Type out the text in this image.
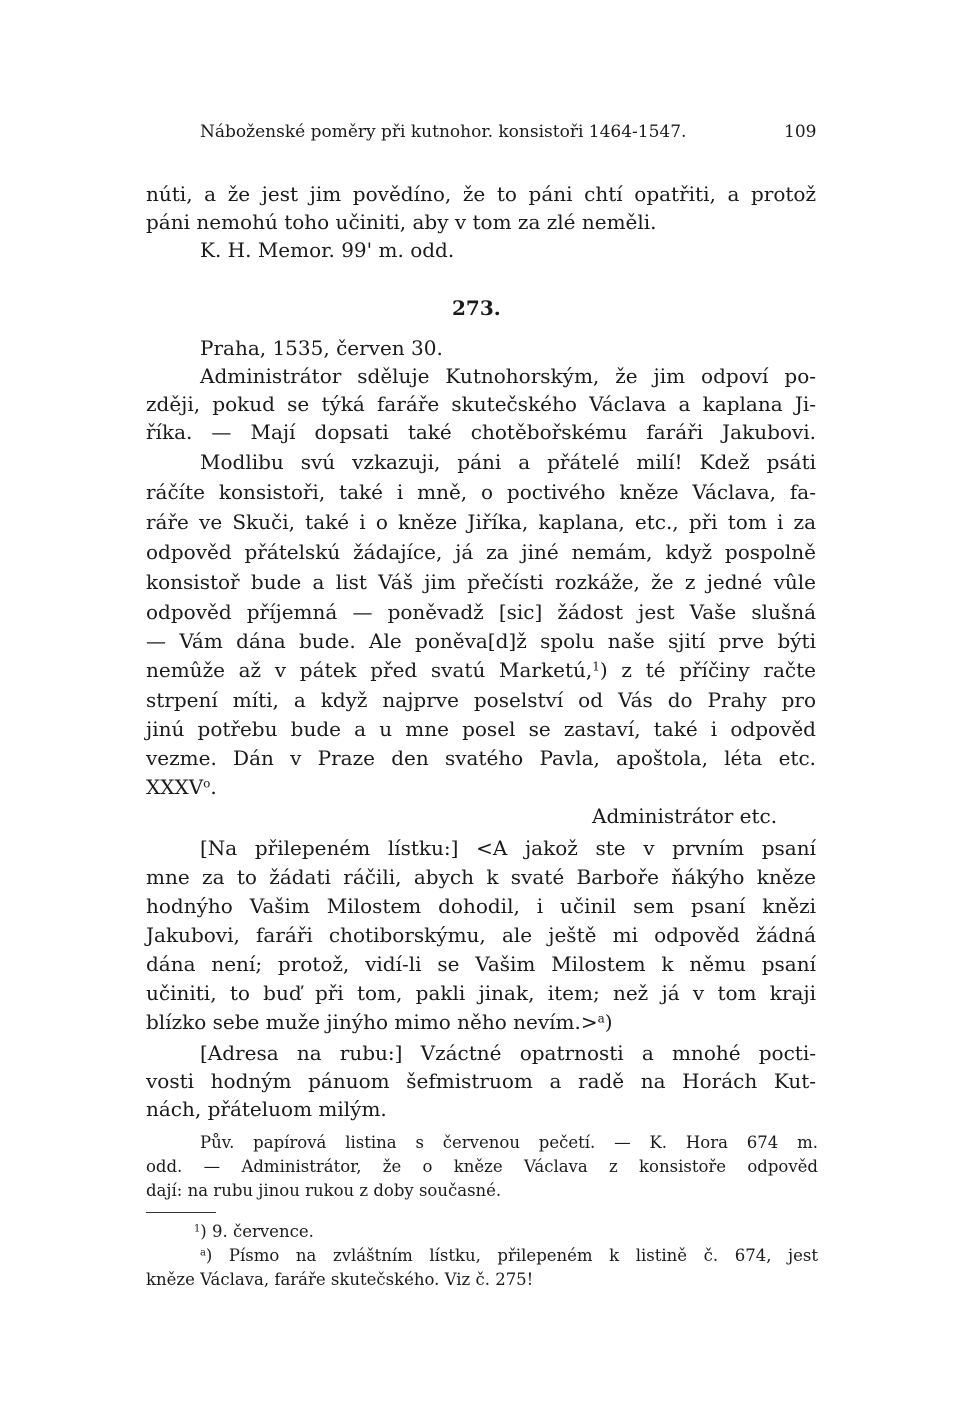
Náboženské poměry při kutnohor. konsistoři 1464-1547.	109
núti, a že jest jim povědíno, že to páni chtí opatřiti, a protož
páni nemohú toho učiniti, aby v tom za zlé neměli.
K. H. Memor. 99' m. odd.
273.
Praha, 1535, červen 30.
Administrátor sděluje Kutnohorským, že jim odpoví po-
zději, pokud se týká faráře skutečského Václava a kaplana Ji-
říka. — Mají dopsati také chotěbořskému faráři Jakubovi.
Modlibu svú vzkazuji, páni a přátelé milí! Kdež psáti
ráčíte konsistoři, také i mně, o poctivého kněze Václava, fa-
ráře ve Skuči, také i o kněze Jiříka, kaplana, etc., při tom i za
odpověd přátelskú žádajíce, já za jiné nemám, když pospolně
konsistoř bude a list Váš jim přečísti rozkáže, že z jedné vûle
odpověd příjemná — poněvadž [sic] žádost jest Vaše slušná
— Vám dána bude. Ale poněva[d]ž spolu naše sjití prve býti
nemûže až v pátek před svatú Marketú,$^1$) z té příčiny račte
strpení míti, a když najprve poselství od Vás do Prahy pro
jinú potřebu bude a u mne posel se zastaví, také i odpověd
vezme. Dán v Praze den svatého Pavla, apoštola, léta etc.
XXXV$^o$.
Administrátor etc.
[Na přilepeném lístku:] <A jakož ste v prvním psaní
mne za to žádati ráčili, abych k svaté Barboře ňákýho kněze
hodnýho Vašim Milostem dohodil, i učinil sem psaní knězi
Jakubovi, faráři chotiborskýmu, ale ještě mi odpověd žádná
dána není; protož, vidí-li se Vašim Milostem k němu psaní
učiniti, to buď při tom, pakli jinak, item; než já v tom kraji
blízko sebe muže jinýho mimo něho nevím.>$^a$)
[Adresa na rubu:] Vzáctné opatrnosti a mnohé pocti-
vosti hodným pánuom šefmistruom a radě na Horách Kut-
nách, přáteluom milým.
Pův. papírová listina s červenou pečetí. — K. Hora 674 m.
odd. — Administrátor, že o kněze Václava z konsistoře odpověd
dají: na rubu jinou rukou z doby současné.
$^1$) 9. července.
$^a$) Písmo na zvláštním lístku, přilepeném k listině č. 674, jest
kněze Václava, faráře skutečského. Viz č. 275!
